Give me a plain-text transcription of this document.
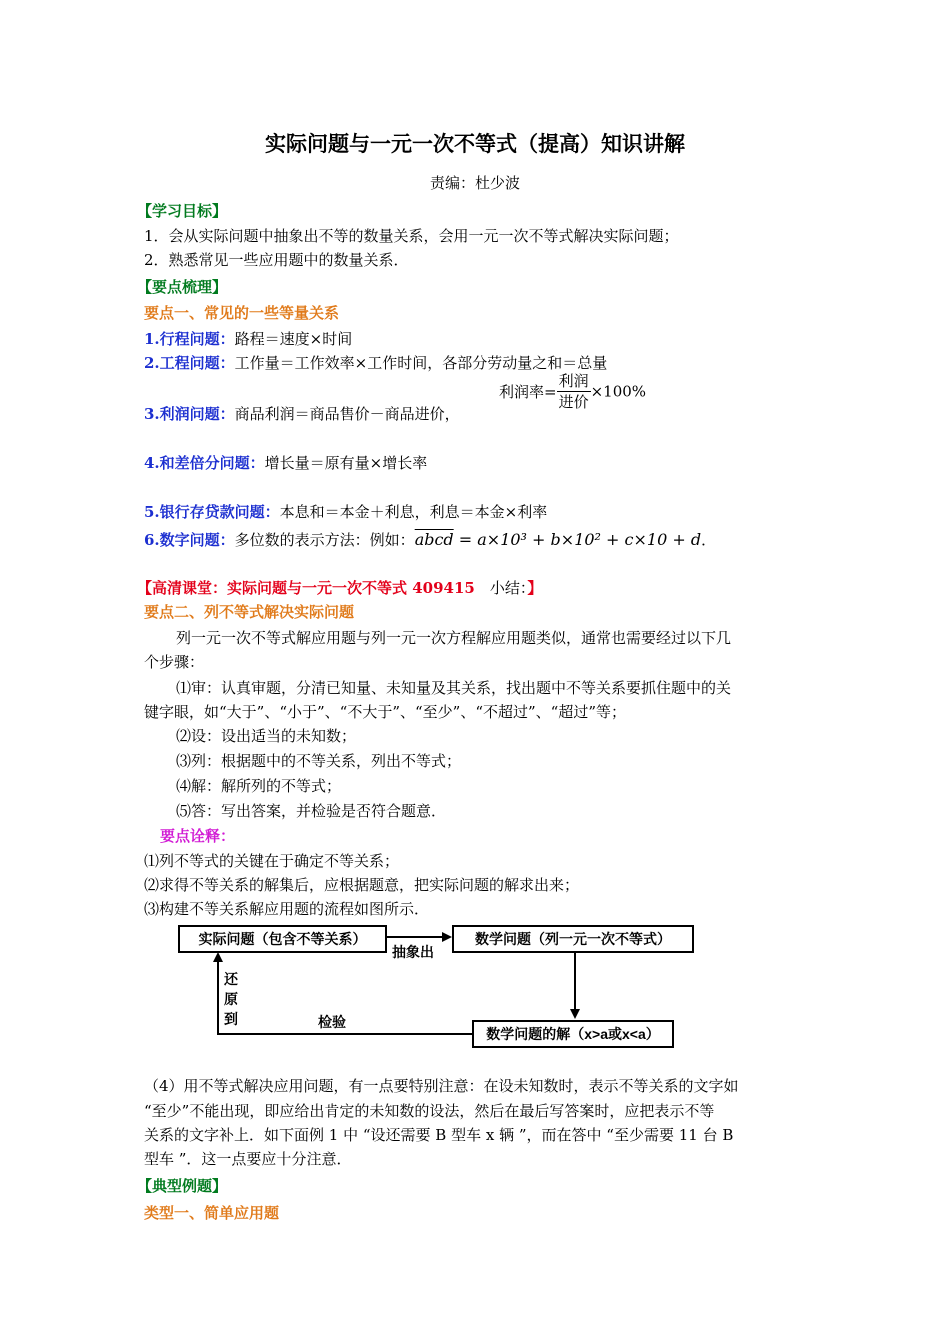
实际问题与一元一次不等式（提高）知识讲解
责编：杜少波
【学习目标】
1．会从实际问题中抽象出不等的数量关系，会用一元一次不等式解决实际问题；
2．熟悉常见一些应用题中的数量关系．
【要点梳理】
要点一、常见的一些等量关系
1.行程问题：路程＝速度×时间
2.工程问题：工作量＝工作效率×工作时间，各部分劳动量之和＝总量
3.利润问题：商品利润＝商品售价－商品进价，
利润率= $\frac{\text{利润}}{\text{进价}} \times 100\%$
4.和差倍分问题：增长量＝原有量×增长率
5.银行存贷款问题：本息和＝本金＋利息，利息＝本金×利率
6.数字问题：多位数的表示方法：例如：abcd = a×10³ + b×10² + c×10 + d．
【高清课堂：实际问题与一元一次不等式 409415　小结：】
要点二、列不等式解决实际问题
列一元一次不等式解应用题与列一元一次方程解应用题类似，通常也需要经过以下几
个步骤：
⑴审：认真审题，分清已知量、未知量及其关系，找出题中不等关系要抓住题中的关
键字眼，如“大于”、“小于”、“不大于”、“至少”、“不超过”、“超过”等；
⑵设：设出适当的未知数；
⑶列：根据题中的不等关系，列出不等式；
⑷解：解所列的不等式；
⑸答：写出答案，并检验是否符合题意．
要点诠释：
⑴列不等式的关键在于确定不等关系；
⑵求得不等关系的解集后，应根据题意，把实际问题的解求出来；
⑶构建不等关系解应用题的流程如图所示．
实际问题（包含不等关系）	数学问题（列一元一次不等式）
数学问题的解（x>a或x<a）
抽象出
还
原
到	检验
（4）用不等式解决应用问题，有一点要特别注意：在设未知数时，表示不等关系的文字如
“至少”不能出现，即应给出肯定的未知数的设法，然后在最后写答案时，应把表示不等
关系的文字补上．如下面例 1 中 “设还需要 B 型车 x 辆 ”，而在答中 “至少需要 11 台 B
型车 ”．这一点要应十分注意．
【典型例题】
类型一、简单应用题
